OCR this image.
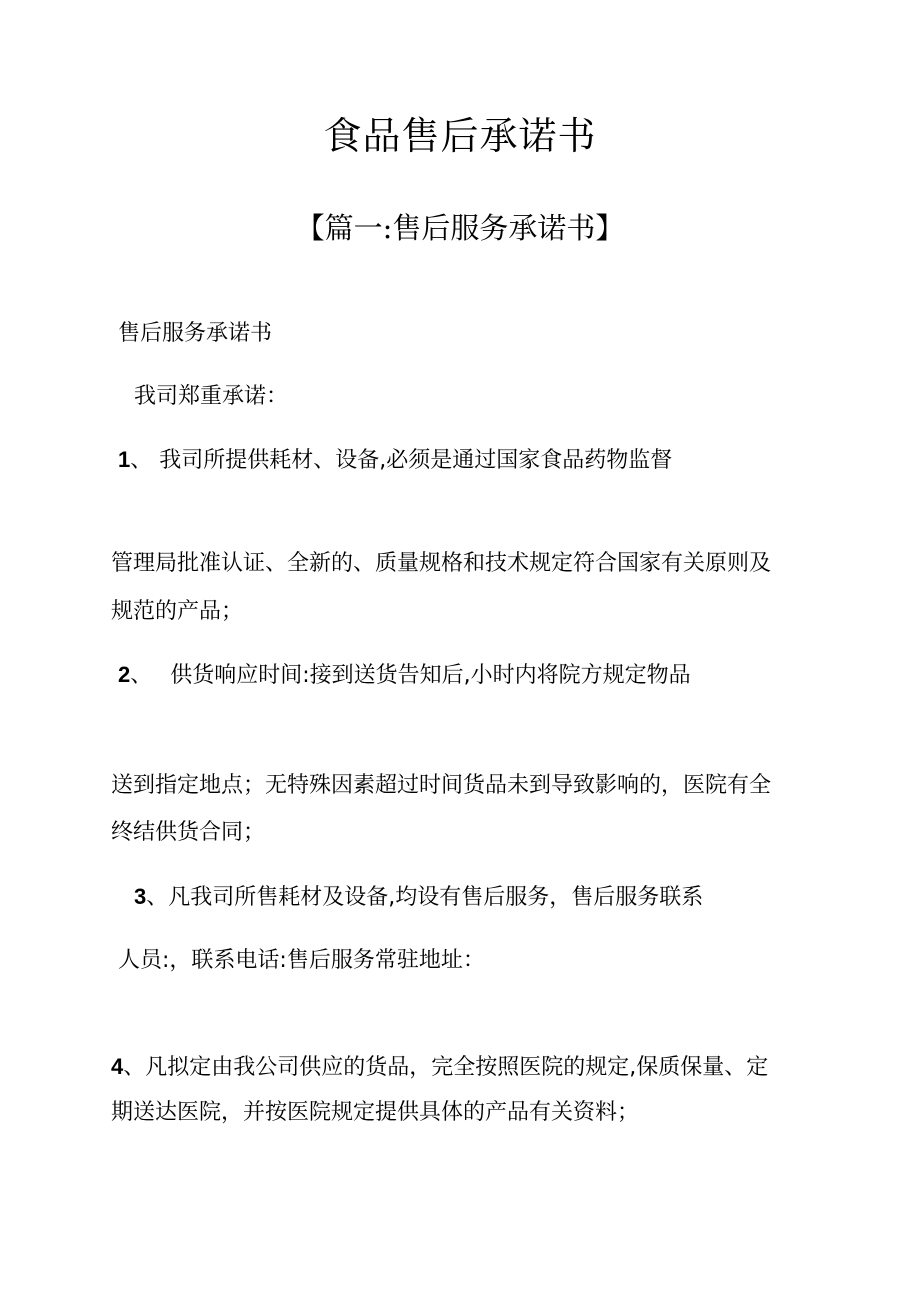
食品售后承诺书
【篇一:售后服务承诺书】
售后服务承诺书
我司郑重承诺：
1、 我司所提供耗材、设备,必须是通过国家食品药物监督
管理局批准认证、全新的、质量规格和技术规定符合国家有关原则及
规范的产品；
2、　 供货响应时间:接到送货告知后,小时内将院方规定物品
送到指定地点；无特殊因素超过时间货品未到导致影响的，医院有全
终结供货合同；
3、凡我司所售耗材及设备,均设有售后服务，售后服务联系
人员:，联系电话:售后服务常驻地址：
4、凡拟定由我公司供应的货品，完全按照医院的规定,保质保量、定
期送达医院，并按医院规定提供具体的产品有关资料；
